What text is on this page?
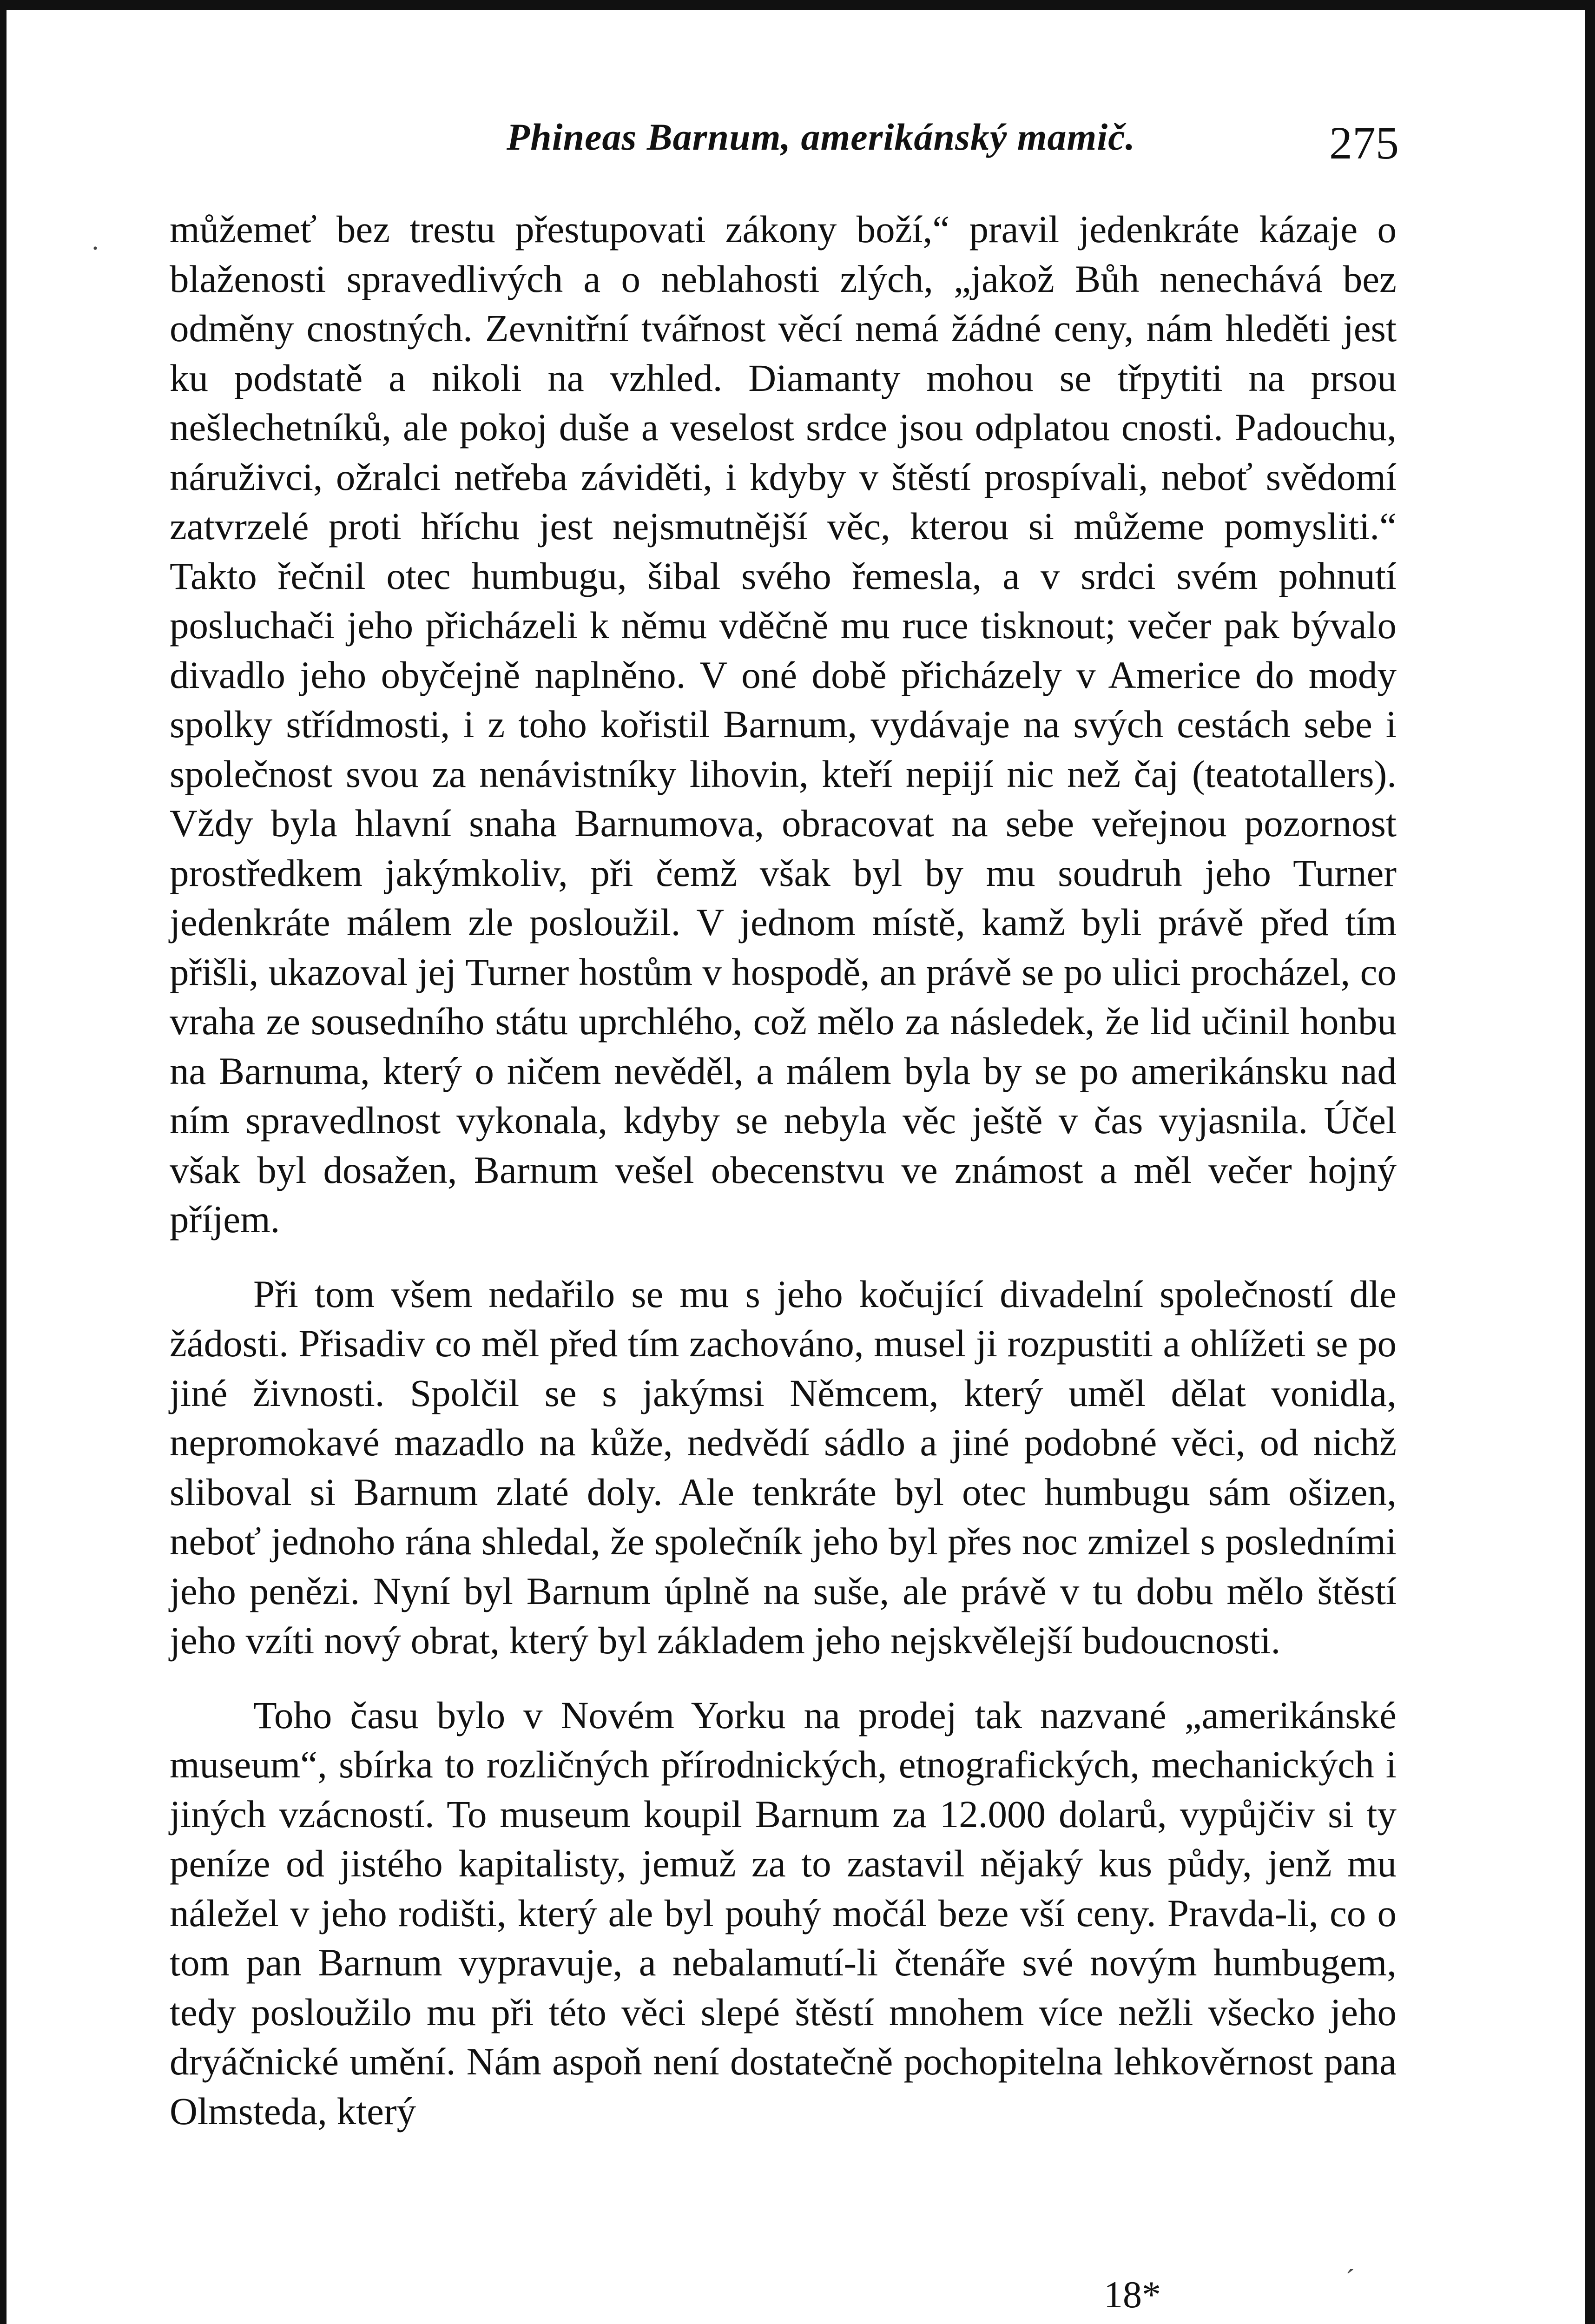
Phineas Barnum, amerikánský mamič.	275
·
ˊ

můžemeť bez trestu přestupovati zákony boží,“ pravil jedenkráte kázaje o blaženosti spravedlivých a o neblahosti zlých, „jakož Bůh nenechává bez odměny cnostných. Zevnitřní tvářnost věcí nemá žádné ceny, nám hleděti jest ku podstatě a nikoli na vzhled. Diamanty mohou se třpytiti na prsou nešlechetníků, ale pokoj duše a veselost srdce jsou odplatou cnosti. Padouchu, náruživci, ožralci netřeba záviděti, i kdyby v štěstí prospívali, neboť svědomí zatvrzelé proti hříchu jest nejsmutnější věc, kterou si můžeme pomysliti.“ Takto řečnil otec humbugu, šibal svého řemesla, a v srdci svém pohnutí posluchači jeho přicházeli k němu vděčně mu ruce tisknout; večer pak bývalo divadlo jeho obyčejně naplněno. V oné době přicházely v Americe do mody spolky střídmosti, i z toho kořistil Barnum, vydávaje na svých cestách sebe i společnost svou za nenávistníky lihovin, kteří nepijí nic než čaj (teatotallers). Vždy byla hlavní snaha Barnumova, obracovat na sebe veřejnou pozornost prostředkem jakýmkoliv, při čemž však byl by mu soudruh jeho Turner jedenkráte málem zle posloužil. V jednom místě, kamž byli právě před tím přišli, ukazoval jej Turner hostům v hospodě, an právě se po ulici procházel, co vraha ze sousedního státu uprchlého, což mělo za následek, že lid učinil honbu na Barnuma, který o ničem nevěděl, a málem byla by se po amerikánsku nad ním spravedlnost vykonala, kdyby se nebyla věc ještě v čas vyjasnila. Účel však byl dosažen, Barnum vešel obecenstvu ve známost a měl večer hojný příjem.

Při tom všem nedařilo se mu s jeho kočující divadelní společností dle žádosti. Přisadiv co měl před tím zachováno, musel ji rozpustiti a ohlížeti se po jiné živnosti. Spolčil se s jakýmsi Němcem, který uměl dělat vonidla, nepromokavé mazadlo na kůže, nedvědí sádlo a jiné podobné věci, od nichž sliboval si Barnum zlaté doly. Ale tenkráte byl otec humbugu sám ošizen, neboť jednoho rána shledal, že společník jeho byl přes noc zmizel s posledními jeho penězi. Nyní byl Barnum úplně na suše, ale právě v tu dobu mělo štěstí jeho vzíti nový obrat, který byl základem jeho nejskvělejší budoucnosti.

Toho času bylo v Novém Yorku na prodej tak nazvané „amerikánské museum“, sbírka to rozličných přírodnických, etnografických, mechanických i jiných vzácností. To museum koupil Barnum za 12.000 dolarů, vypůjčiv si ty peníze od jistého kapitalisty, jemuž za to zastavil nějaký kus půdy, jenž mu náležel v jeho rodišti, který ale byl pouhý močál beze vší ceny. Pravda-li, co o tom pan Barnum vypravuje, a nebalamutí-li čtenáře své novým humbugem, tedy posloužilo mu při této věci slepé štěstí mnohem více nežli všecko jeho dryáčnické umění. Nám aspoň není dostatečně pochopitelna lehkověrnost pana Olmsteda, který

18*
